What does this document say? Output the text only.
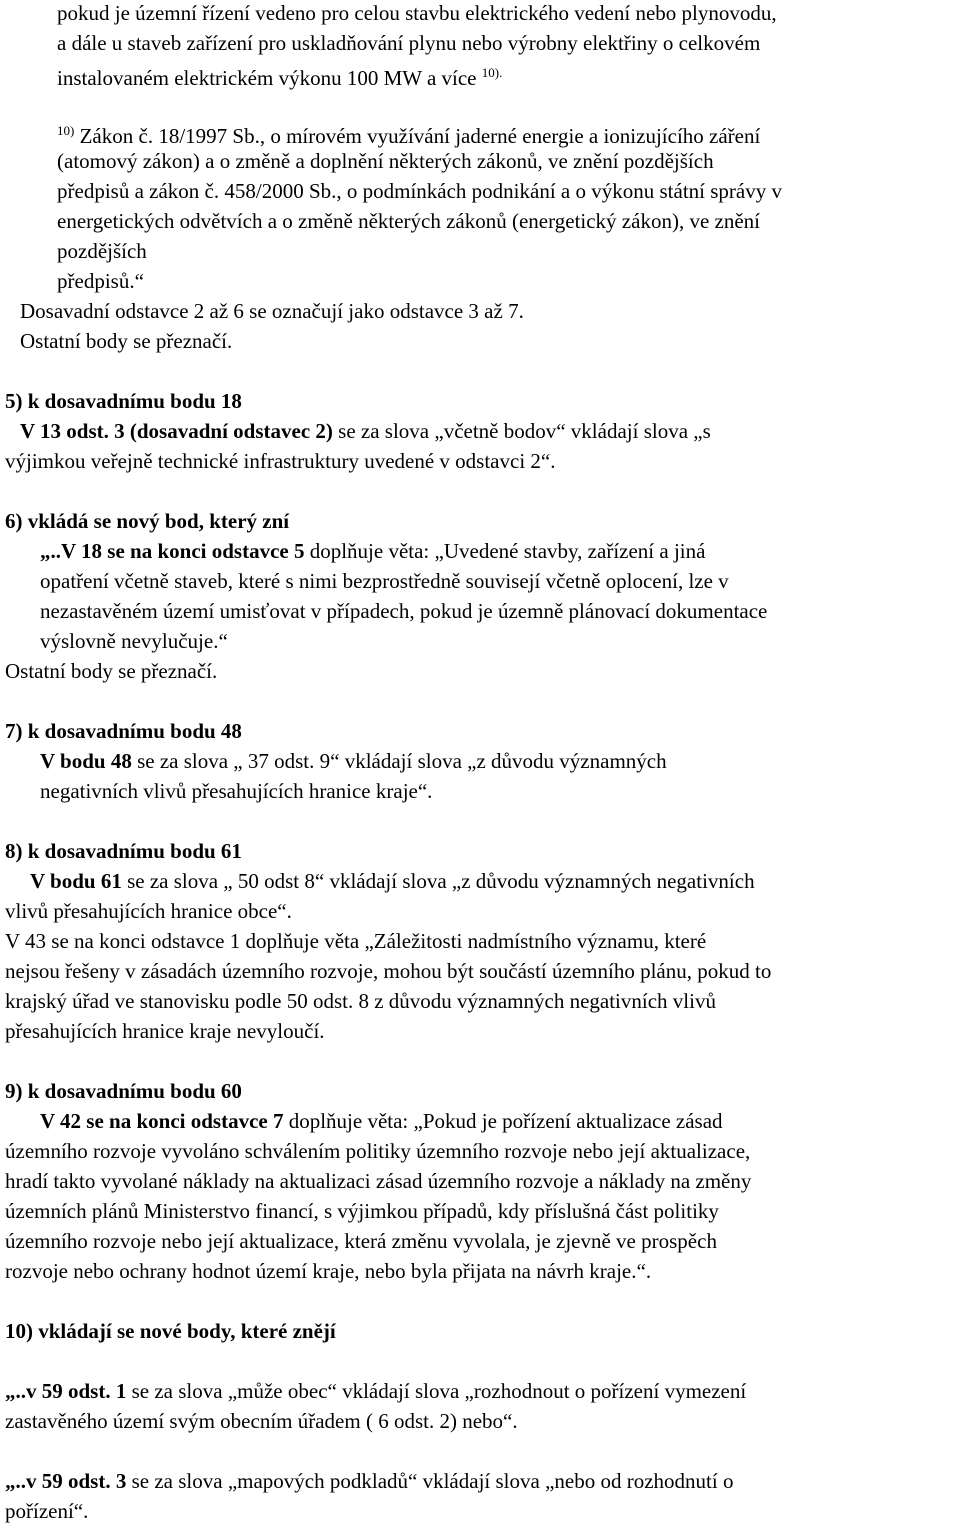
pokud je územní řízení vedeno pro celou stavbu elektrického vedení nebo plynovodu,
a dále u staveb zařízení pro uskladňování plynu nebo výrobny elektřiny o celkovém
instalovaném elektrickém výkonu 100 MW a více $^{10).}$
$^{10)}$ Zákon č. 18/1997 Sb., o mírovém využívání jaderné energie a ionizujícího záření
(atomový zákon) a o změně a doplnění některých zákonů, ve znění pozdějších
předpisů a zákon č. 458/2000 Sb., o podmínkách podnikání a o výkonu státní správy v
energetických odvětvích a o změně některých zákonů (energetický zákon), ve znění
pozdějších
předpisů.“
Dosavadní odstavce 2 až 6 se označují jako odstavce 3 až 7.
Ostatní body se přeznačí.
5) k dosavadnímu bodu 18
V 13 odst. 3 (dosavadní odstavec 2) se za slova „včetně bodov“ vkládají slova „s
výjimkou veřejně technické infrastruktury uvedené v odstavci 2“.
6) vkládá se nový bod, který zní
„..V 18 se na konci odstavce 5 doplňuje věta: „Uvedené stavby, zařízení a jiná
opatření včetně staveb, které s nimi bezprostředně souvisejí včetně oplocení, lze v
nezastavěném území umisťovat v případech, pokud je územně plánovací dokumentace
výslovně nevylučuje.“
Ostatní body se přeznačí.
7) k dosavadnímu bodu 48
V bodu 48 se za slova „ 37 odst. 9“ vkládají slova „z důvodu významných
negativních vlivů přesahujících hranice kraje“.
8) k dosavadnímu bodu 61
V bodu 61 se za slova „ 50 odst 8“ vkládají slova „z důvodu významných negativních
vlivů přesahujících hranice obce“.
V 43 se na konci odstavce 1 doplňuje věta „Záležitosti nadmístního významu, které
nejsou řešeny v zásadách územního rozvoje, mohou být součástí územního plánu, pokud to
krajský úřad ve stanovisku podle 50 odst. 8 z důvodu významných negativních vlivů
přesahujících hranice kraje nevyloučí.
9) k dosavadnímu bodu 60
V 42 se na konci odstavce 7 doplňuje věta: „Pokud je pořízení aktualizace zásad
územního rozvoje vyvoláno schválením politiky územního rozvoje nebo její aktualizace,
hradí takto vyvolané náklady na aktualizaci zásad územního rozvoje a náklady na změny
územních plánů Ministerstvo financí, s výjimkou případů, kdy příslušná část politiky
územního rozvoje nebo její aktualizace, která změnu vyvolala, je zjevně ve prospěch
rozvoje nebo ochrany hodnot území kraje, nebo byla přijata na návrh kraje.“.
10) vkládají se nové body, které znějí
„..v 59 odst. 1 se za slova „může obec“ vkládají slova „rozhodnout o pořízení vymezení
zastavěného území svým obecním úřadem ( 6 odst. 2) nebo“.
„..v 59 odst. 3 se za slova „mapových podkladů“ vkládají slova „nebo od rozhodnutí o
pořízení“.
